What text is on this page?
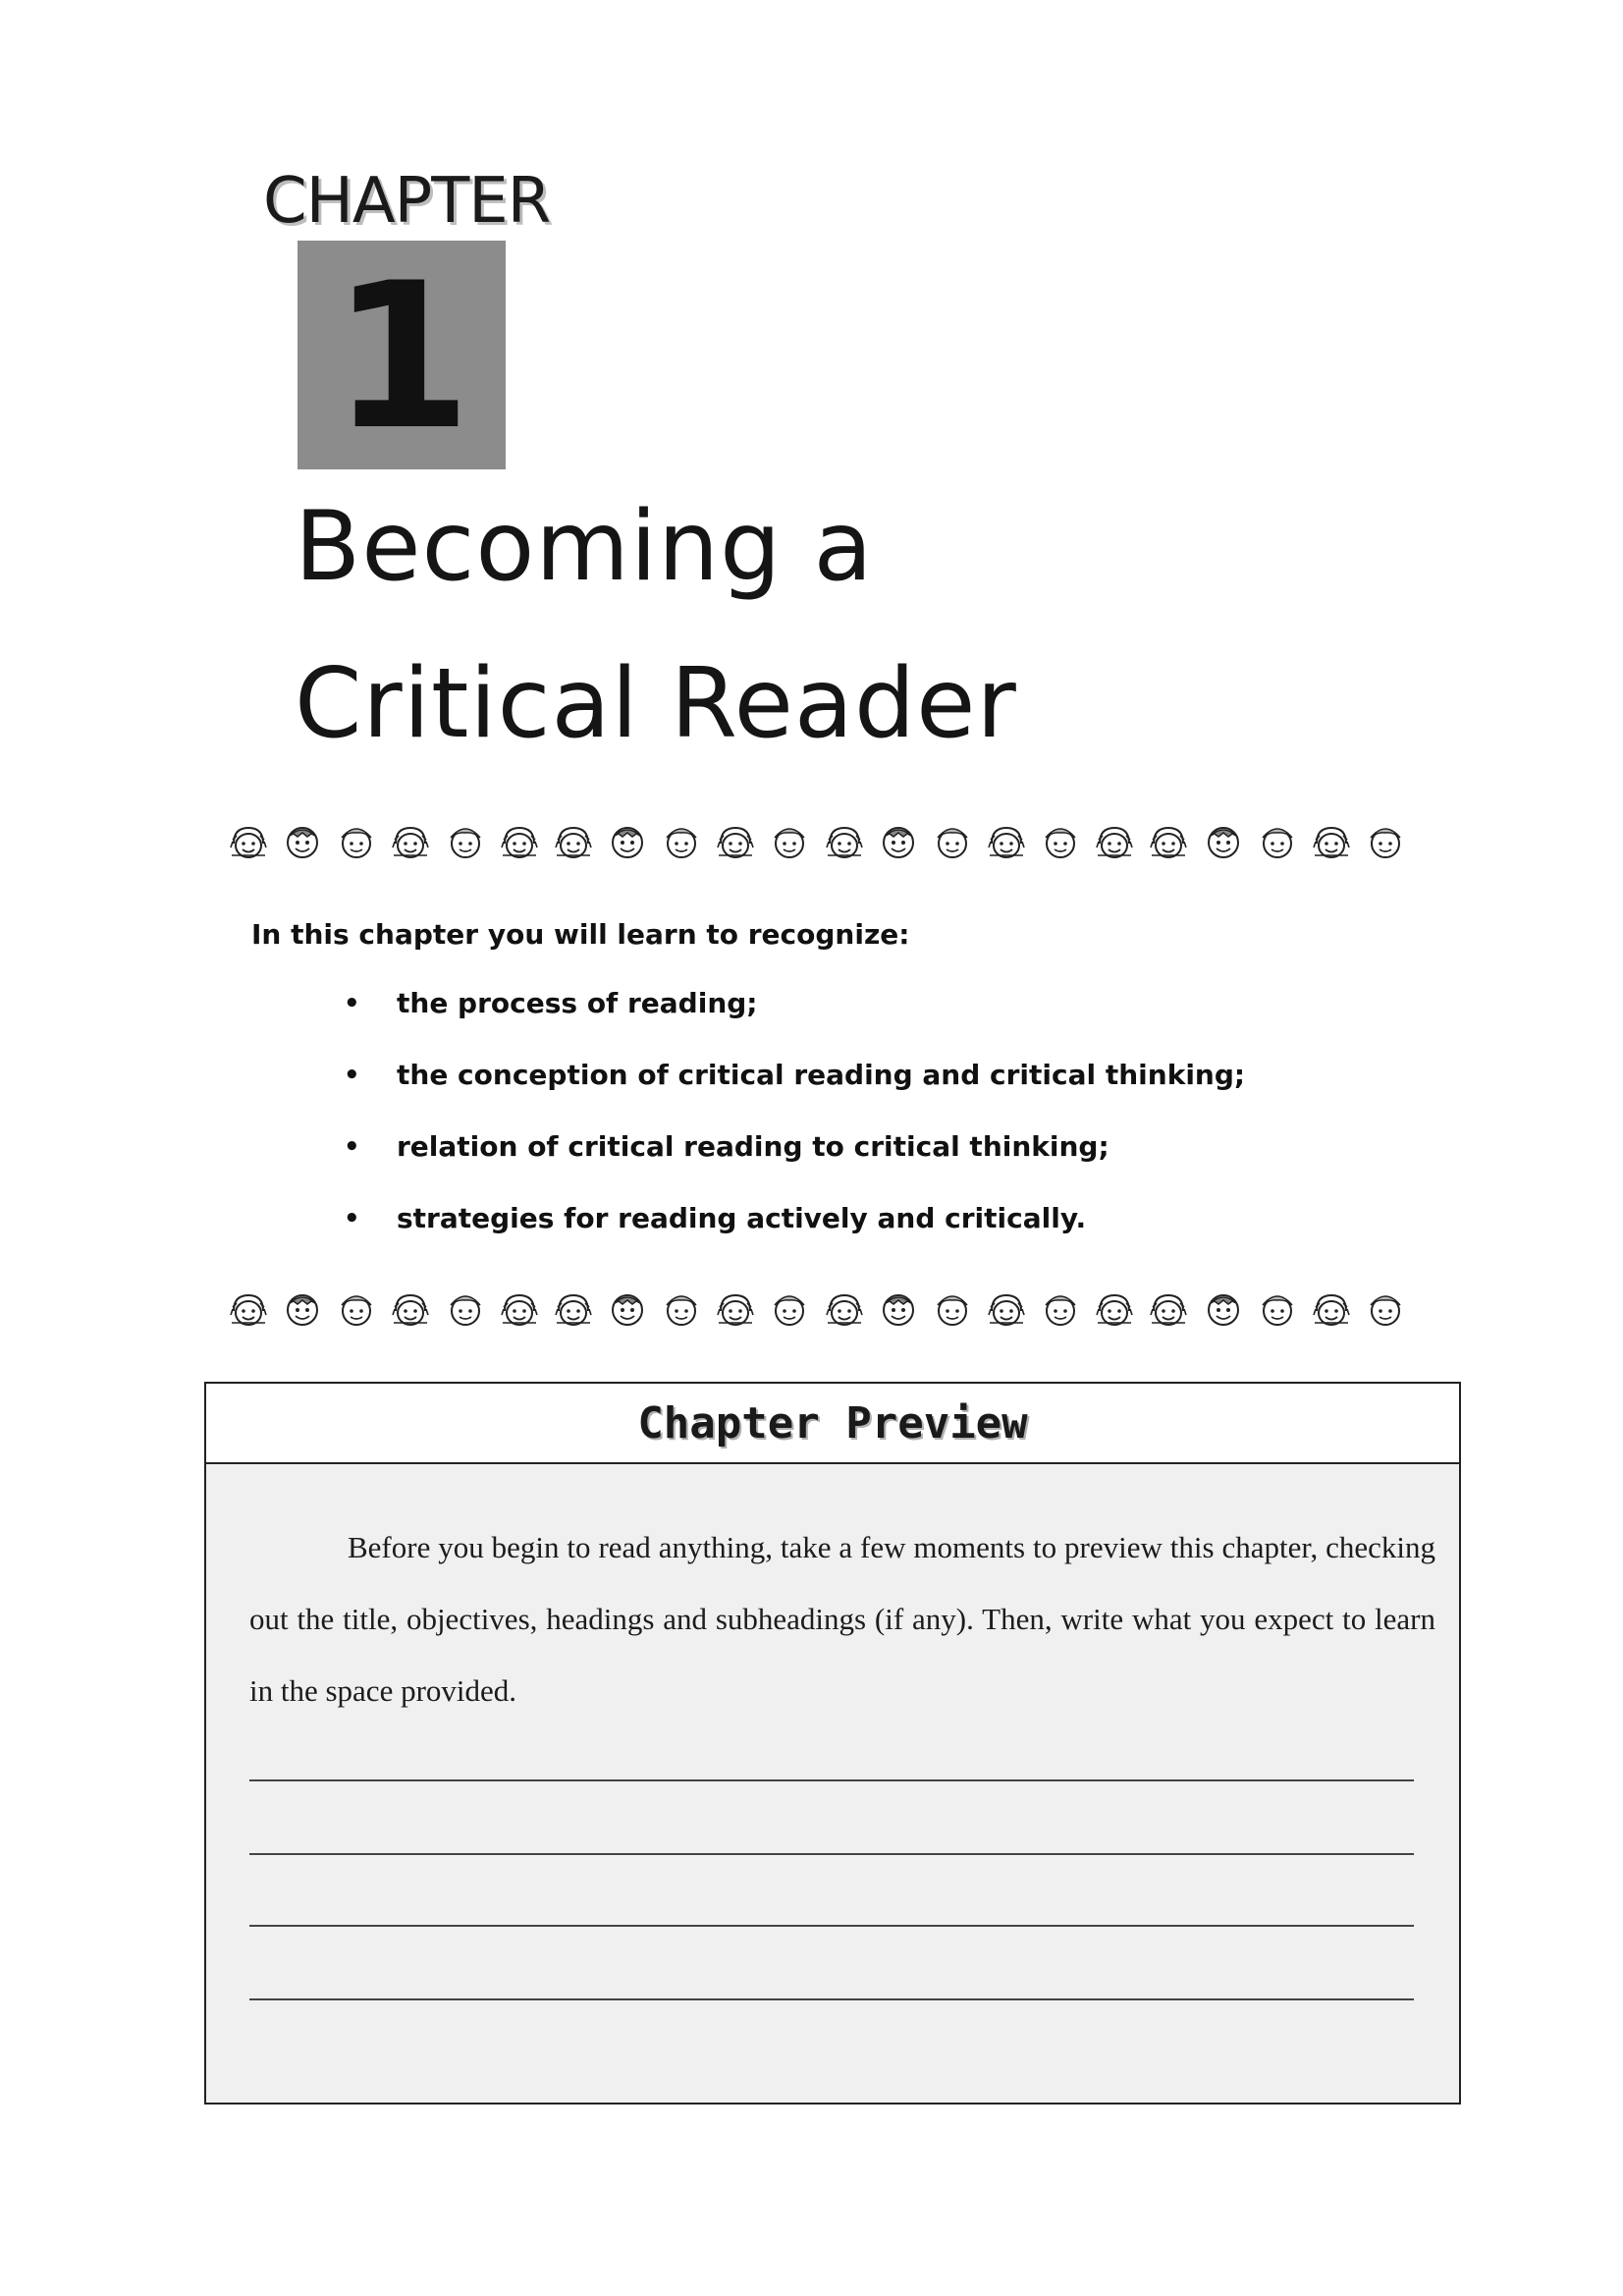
CHAPTER
1
Becoming a
Critical Reader
In this chapter you will learn to recognize:
•	the process of reading;
•	the conception of critical reading and critical thinking;
•	relation of critical reading to critical thinking;
•	strategies for reading actively and critically.
Chapter Preview
Before you begin to read anything, take a few moments to preview this chapter, checking out the title, objectives, headings and subheadings (if any). Then, write what you expect to learn in the space provided.
